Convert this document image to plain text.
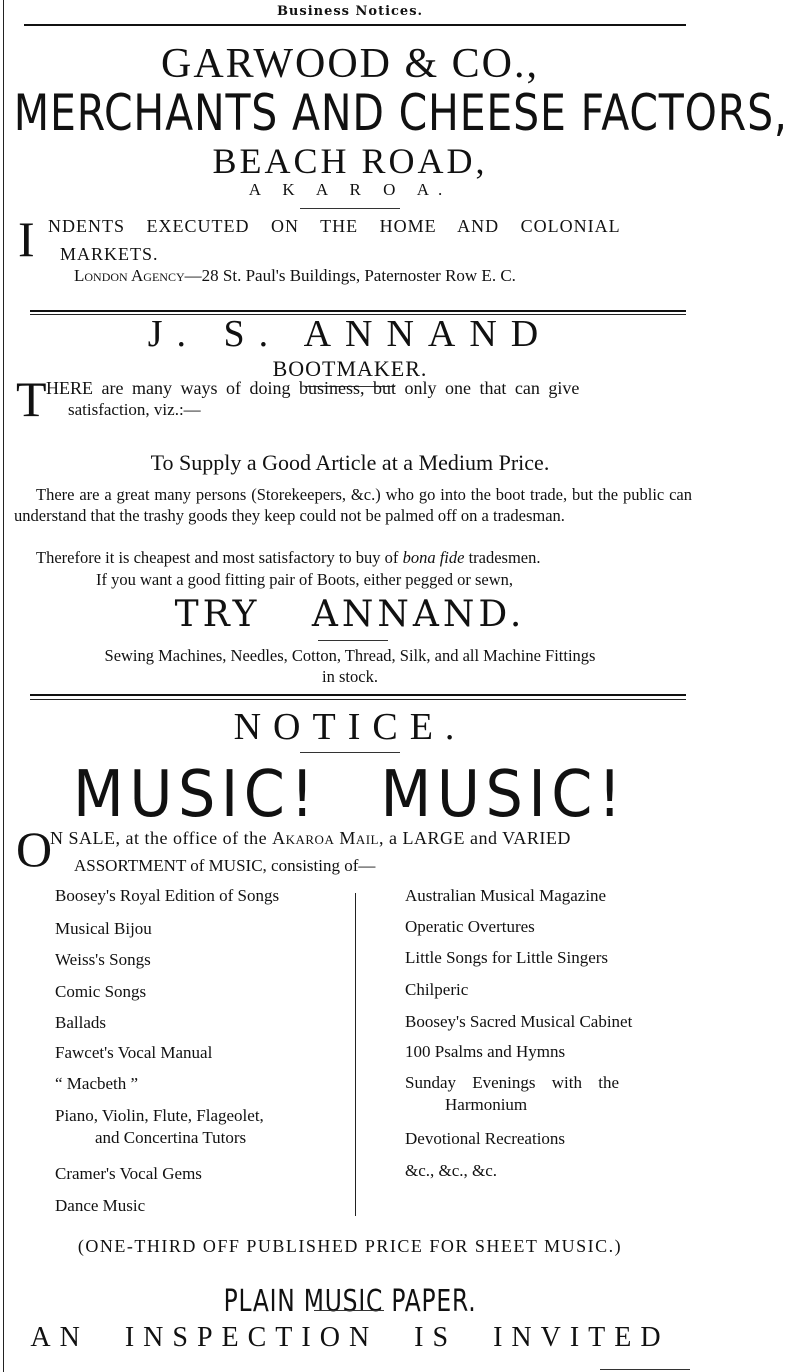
Business Notices.
GARWOOD & CO.,
MERCHANTS AND CHEESE FACTORS,
BEACH ROAD,
A K A R O A.
I NDENTS EXECUTED ON THE HOME AND COLONIAL
MARKETS.
London Agency—28 St. Paul's Buildings, Paternoster Row E. C.
J. S. ANNAND
BOOTMAKER.
T HERE are many ways of doing business, but only one that can give
satisfaction, viz.:—
To Supply a Good Article at a Medium Price.
There are a great many persons (Storekeepers, &c.) who go into the boot trade, but the public can understand that the trashy goods they keep could not be palmed off on a tradesman.
Therefore it is cheapest and most satisfactory to buy of bona fide tradesmen.
If you want a good fitting pair of Boots, either pegged or sewn,
TRY ANNAND.
Sewing Machines, Needles, Cotton, Thread, Silk, and all Machine Fittings
in stock.
NOTICE.
MUSIC! MUSIC!
O
N SALE, at the office of the Akaroa Mail, a LARGE and VARIED
ASSORTMENT of MUSIC, consisting of—
Boosey's Royal Edition of Songs
Musical Bijou
Weiss's Songs
Comic Songs
Ballads
Fawcet's Vocal Manual
“ Macbeth ”
Piano, Violin, Flute, Flageolet,
and Concertina Tutors
Cramer's Vocal Gems
Dance Music
Australian Musical Magazine
Operatic Overtures
Little Songs for Little Singers
Chilperic
Boosey's Sacred Musical Cabinet
100 Psalms and Hymns
Sunday Evenings with the
Harmonium
Devotional Recreations
&c., &c., &c.
(ONE-THIRD OFF PUBLISHED PRICE FOR SHEET MUSIC.)
PLAIN MUSIC PAPER.
AN INSPECTION IS INVITED
